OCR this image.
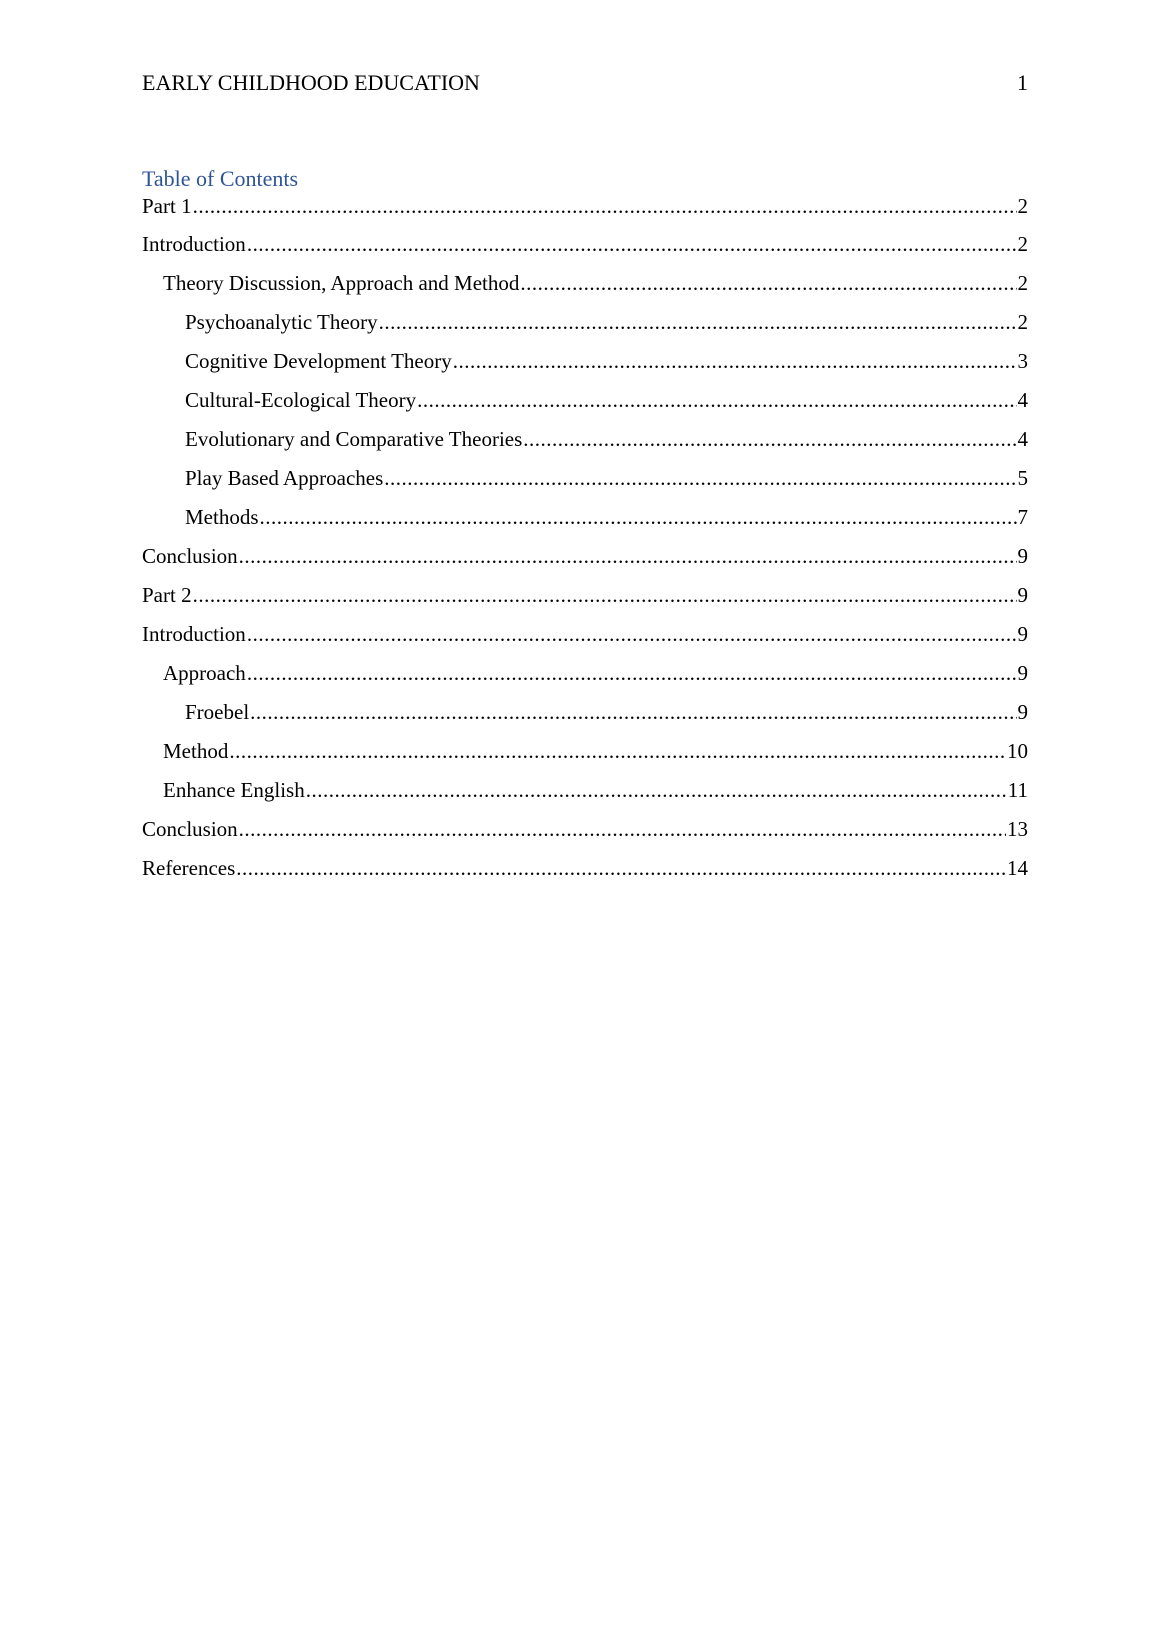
EARLY CHILDHOOD EDUCATION	1
Table of Contents
Part 1 .....	2
Introduction .....	2
Theory Discussion, Approach and Method .....	2
Psychoanalytic Theory .....	2
Cognitive Development Theory .....	3
Cultural-Ecological Theory .....	4
Evolutionary and Comparative Theories .....	4
Play Based Approaches .....	5
Methods .....	7
Conclusion .....	9
Part 2 .....	9
Introduction .....	9
Approach .....	9
Froebel .....	9
Method .....	10
Enhance English .....	11
Conclusion .....	13
References .....	14
